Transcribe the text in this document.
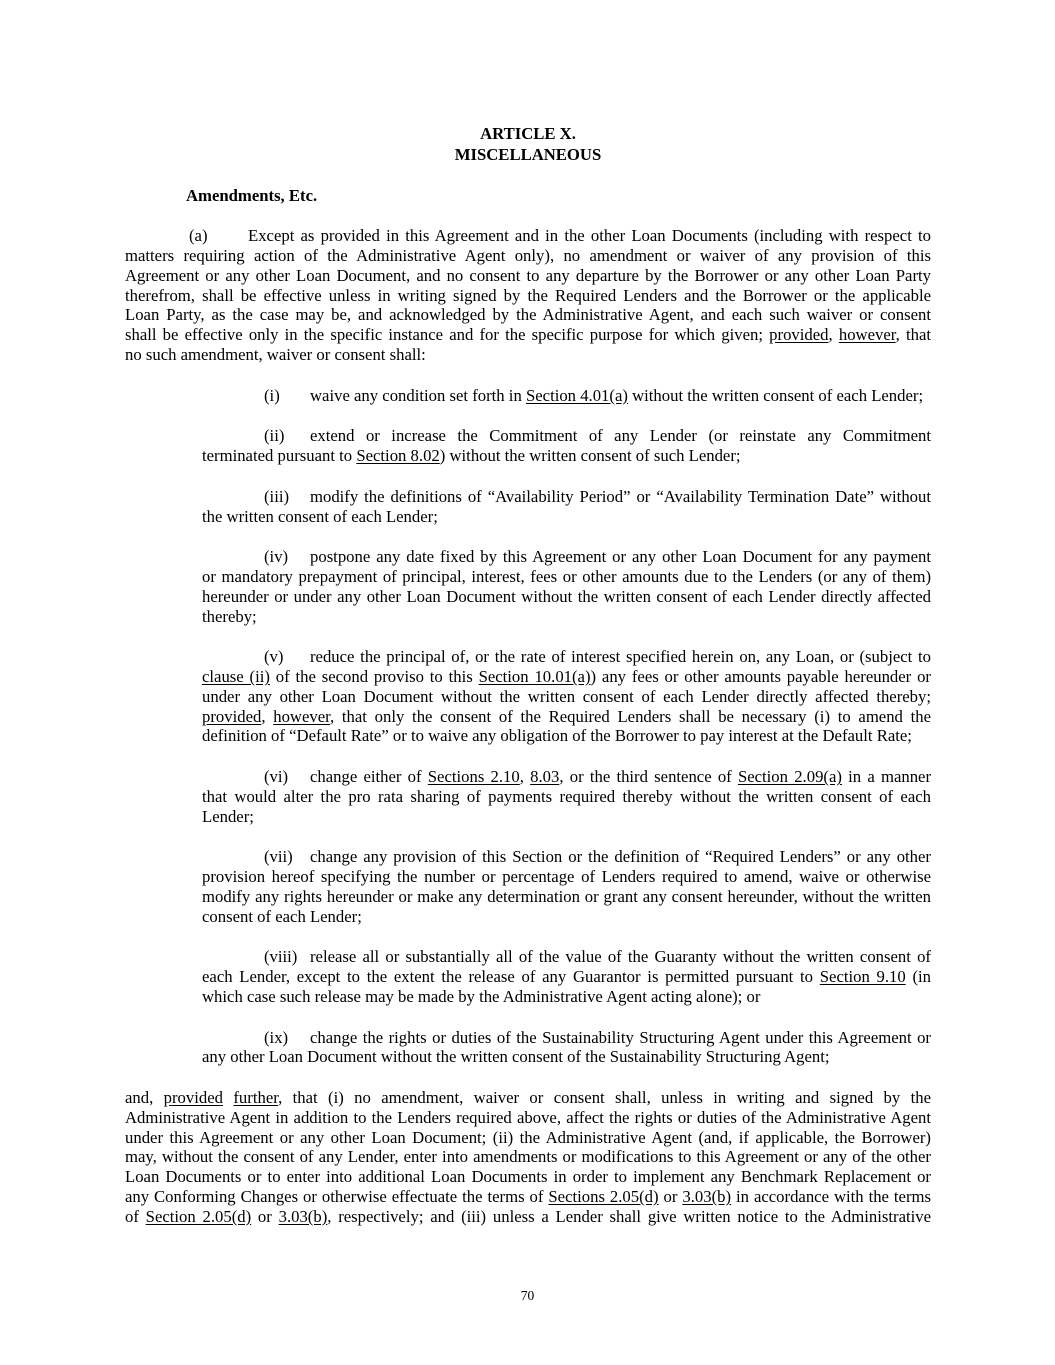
ARTICLE X.
MISCELLANEOUS
Amendments, Etc.
(a) Except as provided in this Agreement and in the other Loan Documents (including with respect to
matters requiring action of the Administrative Agent only), no amendment or waiver of any provision of this
Agreement or any other Loan Document, and no consent to any departure by the Borrower or any other Loan Party
therefrom, shall be effective unless in writing signed by the Required Lenders and the Borrower or the applicable
Loan Party, as the case may be, and acknowledged by the Administrative Agent, and each such waiver or consent
shall be effective only in the specific instance and for the specific purpose for which given; provided, however, that
no such amendment, waiver or consent shall:
(i) waive any condition set forth in Section 4.01(a) without the written consent of each Lender;
(ii) extend or increase the Commitment of any Lender (or reinstate any Commitment
terminated pursuant to Section 8.02) without the written consent of such Lender;
(iii) modify the definitions of “Availability Period” or “Availability Termination Date” without
the written consent of each Lender;
(iv) postpone any date fixed by this Agreement or any other Loan Document for any payment
or mandatory prepayment of principal, interest, fees or other amounts due to the Lenders (or any of them)
hereunder or under any other Loan Document without the written consent of each Lender directly affected
thereby;
(v) reduce the principal of, or the rate of interest specified herein on, any Loan, or (subject to
clause (ii) of the second proviso to this Section 10.01(a)) any fees or other amounts payable hereunder or
under any other Loan Document without the written consent of each Lender directly affected thereby;
provided, however, that only the consent of the Required Lenders shall be necessary (i) to amend the
definition of “Default Rate” or to waive any obligation of the Borrower to pay interest at the Default Rate;
(vi) change either of Sections 2.10, 8.03, or the third sentence of Section 2.09(a) in a manner
that would alter the pro rata sharing of payments required thereby without the written consent of each
Lender;
(vii) change any provision of this Section or the definition of “Required Lenders” or any other
provision hereof specifying the number or percentage of Lenders required to amend, waive or otherwise
modify any rights hereunder or make any determination or grant any consent hereunder, without the written
consent of each Lender;
(viii) release all or substantially all of the value of the Guaranty without the written consent of
each Lender, except to the extent the release of any Guarantor is permitted pursuant to Section 9.10 (in
which case such release may be made by the Administrative Agent acting alone); or
(ix) change the rights or duties of the Sustainability Structuring Agent under this Agreement or
any other Loan Document without the written consent of the Sustainability Structuring Agent;
and, provided further, that (i) no amendment, waiver or consent shall, unless in writing and signed by the
Administrative Agent in addition to the Lenders required above, affect the rights or duties of the Administrative Agent
under this Agreement or any other Loan Document; (ii) the Administrative Agent (and, if applicable, the Borrower)
may, without the consent of any Lender, enter into amendments or modifications to this Agreement or any of the other
Loan Documents or to enter into additional Loan Documents in order to implement any Benchmark Replacement or
any Conforming Changes or otherwise effectuate the terms of Sections 2.05(d) or 3.03(b) in accordance with the terms
of Section 2.05(d) or 3.03(b), respectively; and (iii) unless a Lender shall give written notice to the Administrative
70
